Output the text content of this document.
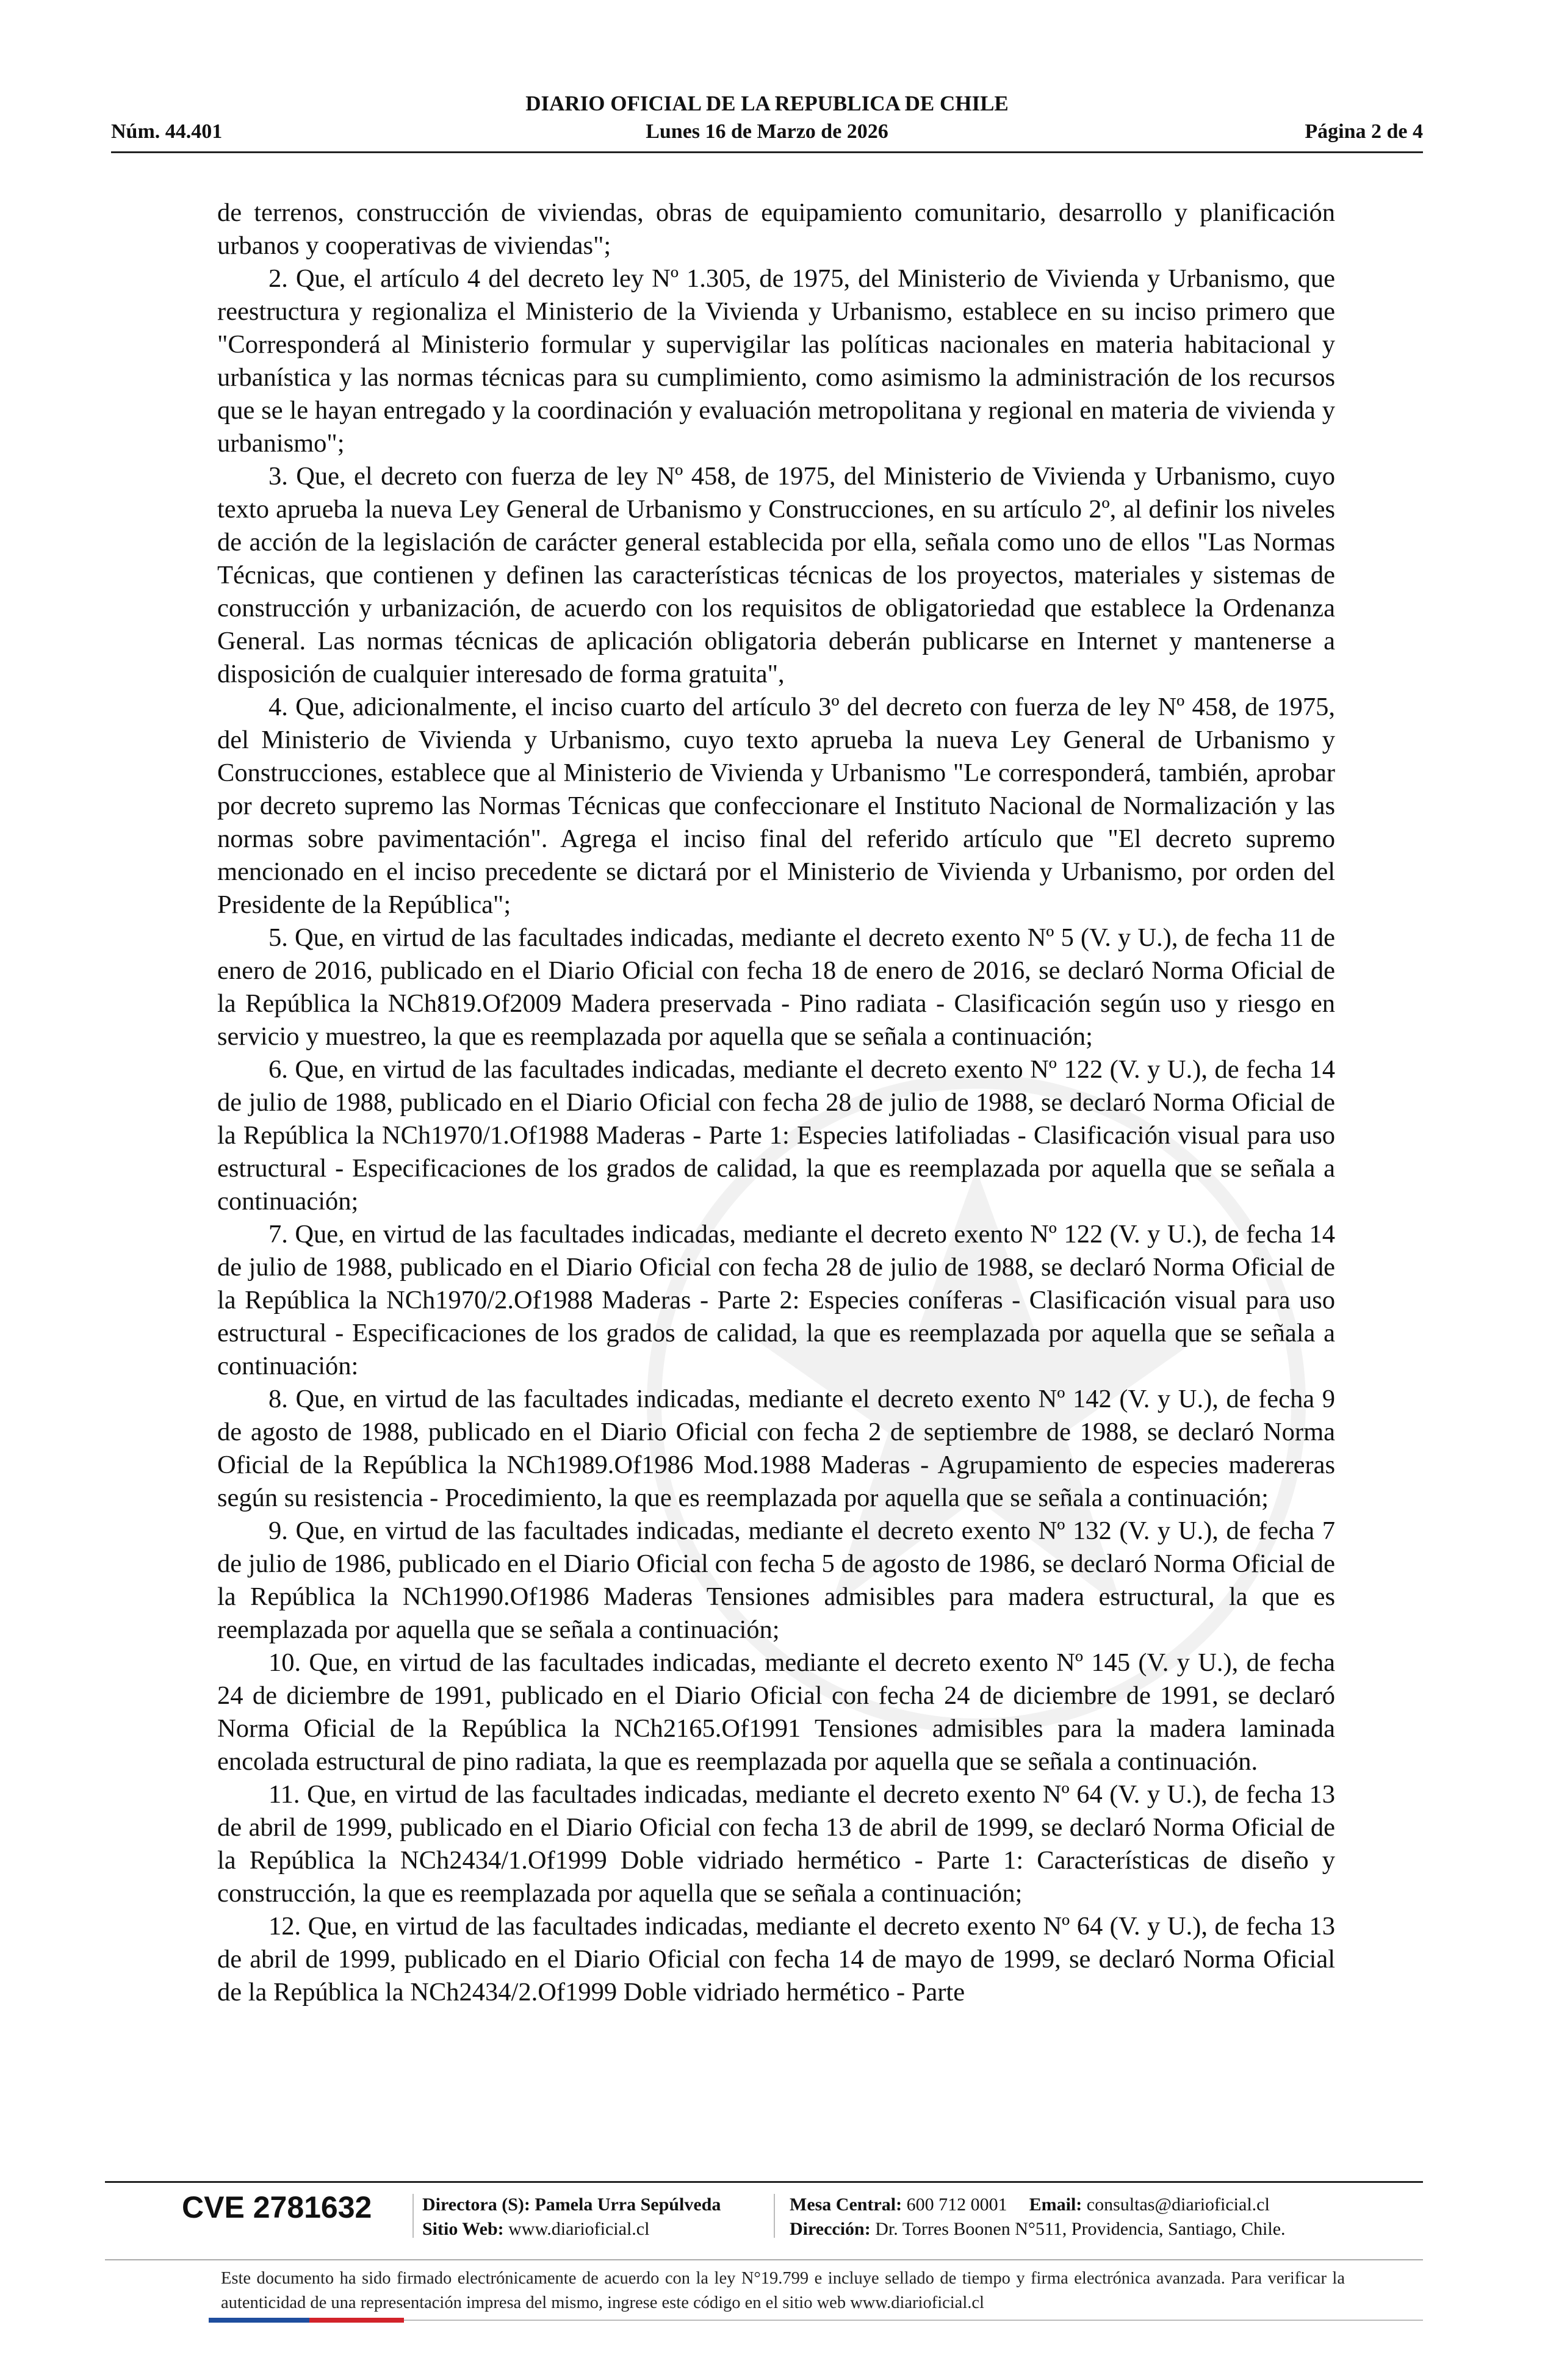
DIARIO OFICIAL DE LA REPUBLICA DE CHILE
Núm. 44.401	Página 2 de 4
Lunes 16 de Marzo de 2026

de terrenos, construcción de viviendas, obras de equipamiento comunitario, desarrollo y planificación urbanos y cooperativas de viviendas";

2. Que, el artículo 4 del decreto ley Nº 1.305, de 1975, del Ministerio de Vivienda y Urbanismo, que reestructura y regionaliza el Ministerio de la Vivienda y Urbanismo, establece en su inciso primero que "Corresponderá al Ministerio formular y supervigilar las políticas nacionales en materia habitacional y urbanística y las normas técnicas para su cumplimiento, como asimismo la administración de los recursos que se le hayan entregado y la coordinación y evaluación metropolitana y regional en materia de vivienda y urbanismo";

3. Que, el decreto con fuerza de ley Nº 458, de 1975, del Ministerio de Vivienda y Urbanismo, cuyo texto aprueba la nueva Ley General de Urbanismo y Construcciones, en su artículo 2º, al definir los niveles de acción de la legislación de carácter general establecida por ella, señala como uno de ellos "Las Normas Técnicas, que contienen y definen las características técnicas de los proyectos, materiales y sistemas de construcción y urbanización, de acuerdo con los requisitos de obligatoriedad que establece la Ordenanza General. Las normas técnicas de aplicación obligatoria deberán publicarse en Internet y mantenerse a disposición de cualquier interesado de forma gratuita",

4. Que, adicionalmente, el inciso cuarto del artículo 3º del decreto con fuerza de ley Nº 458, de 1975, del Ministerio de Vivienda y Urbanismo, cuyo texto aprueba la nueva Ley General de Urbanismo y Construcciones, establece que al Ministerio de Vivienda y Urbanismo "Le corresponderá, también, aprobar por decreto supremo las Normas Técnicas que confeccionare el Instituto Nacional de Normalización y las normas sobre pavimentación". Agrega el inciso final del referido artículo que "El decreto supremo mencionado en el inciso precedente se dictará por el Ministerio de Vivienda y Urbanismo, por orden del Presidente de la República";

5. Que, en virtud de las facultades indicadas, mediante el decreto exento Nº 5 (V. y U.), de fecha 11 de enero de 2016, publicado en el Diario Oficial con fecha 18 de enero de 2016, se declaró Norma Oficial de la República la NCh819.Of2009 Madera preservada - Pino radiata - Clasificación según uso y riesgo en servicio y muestreo, la que es reemplazada por aquella que se señala a continuación;

6. Que, en virtud de las facultades indicadas, mediante el decreto exento Nº 122 (V. y U.), de fecha 14 de julio de 1988, publicado en el Diario Oficial con fecha 28 de julio de 1988, se declaró Norma Oficial de la República la NCh1970/1.Of1988 Maderas - Parte 1: Especies latifoliadas - Clasificación visual para uso estructural - Especificaciones de los grados de calidad, la que es reemplazada por aquella que se señala a continuación;

7. Que, en virtud de las facultades indicadas, mediante el decreto exento Nº 122 (V. y U.), de fecha 14 de julio de 1988, publicado en el Diario Oficial con fecha 28 de julio de 1988, se declaró Norma Oficial de la República la NCh1970/2.Of1988 Maderas - Parte 2: Especies coníferas - Clasificación visual para uso estructural - Especificaciones de los grados de calidad, la que es reemplazada por aquella que se señala a continuación:

8. Que, en virtud de las facultades indicadas, mediante el decreto exento Nº 142 (V. y U.), de fecha 9 de agosto de 1988, publicado en el Diario Oficial con fecha 2 de septiembre de 1988, se declaró Norma Oficial de la República la NCh1989.Of1986 Mod.1988 Maderas - Agrupamiento de especies madereras según su resistencia - Procedimiento, la que es reemplazada por aquella que se señala a continuación;

9. Que, en virtud de las facultades indicadas, mediante el decreto exento Nº 132 (V. y U.), de fecha 7 de julio de 1986, publicado en el Diario Oficial con fecha 5 de agosto de 1986, se declaró Norma Oficial de la República la NCh1990.Of1986 Maderas Tensiones admisibles para madera estructural, la que es reemplazada por aquella que se señala a continuación;

10. Que, en virtud de las facultades indicadas, mediante el decreto exento Nº 145 (V. y U.), de fecha 24 de diciembre de 1991, publicado en el Diario Oficial con fecha 24 de diciembre de 1991, se declaró Norma Oficial de la República la NCh2165.Of1991 Tensiones admisibles para la madera laminada encolada estructural de pino radiata, la que es reemplazada por aquella que se señala a continuación.

11. Que, en virtud de las facultades indicadas, mediante el decreto exento Nº 64 (V. y U.), de fecha 13 de abril de 1999, publicado en el Diario Oficial con fecha 13 de abril de 1999, se declaró Norma Oficial de la República la NCh2434/1.Of1999 Doble vidriado hermético - Parte 1: Características de diseño y construcción, la que es reemplazada por aquella que se señala a continuación;

12. Que, en virtud de las facultades indicadas, mediante el decreto exento Nº 64 (V. y U.), de fecha 13 de abril de 1999, publicado en el Diario Oficial con fecha 14 de mayo de 1999, se declaró Norma Oficial de la República la NCh2434/2.Of1999 Doble vidriado hermético - Parte

CVE 2781632	Directora (S): Pamela Urra Sepúlveda
Sitio Web: www.diarioficial.cl
Mesa Central: 600 712 0001 Email: consultas@diarioficial.cl
Dirección: Dr. Torres Boonen N°511, Providencia, Santiago, Chile.
Este documento ha sido firmado electrónicamente de acuerdo con la ley N°19.799 e incluye sellado de tiempo y firma electrónica avanzada. Para verificar la autenticidad de una representación impresa del mismo, ingrese este código en el sitio web www.diarioficial.cl
